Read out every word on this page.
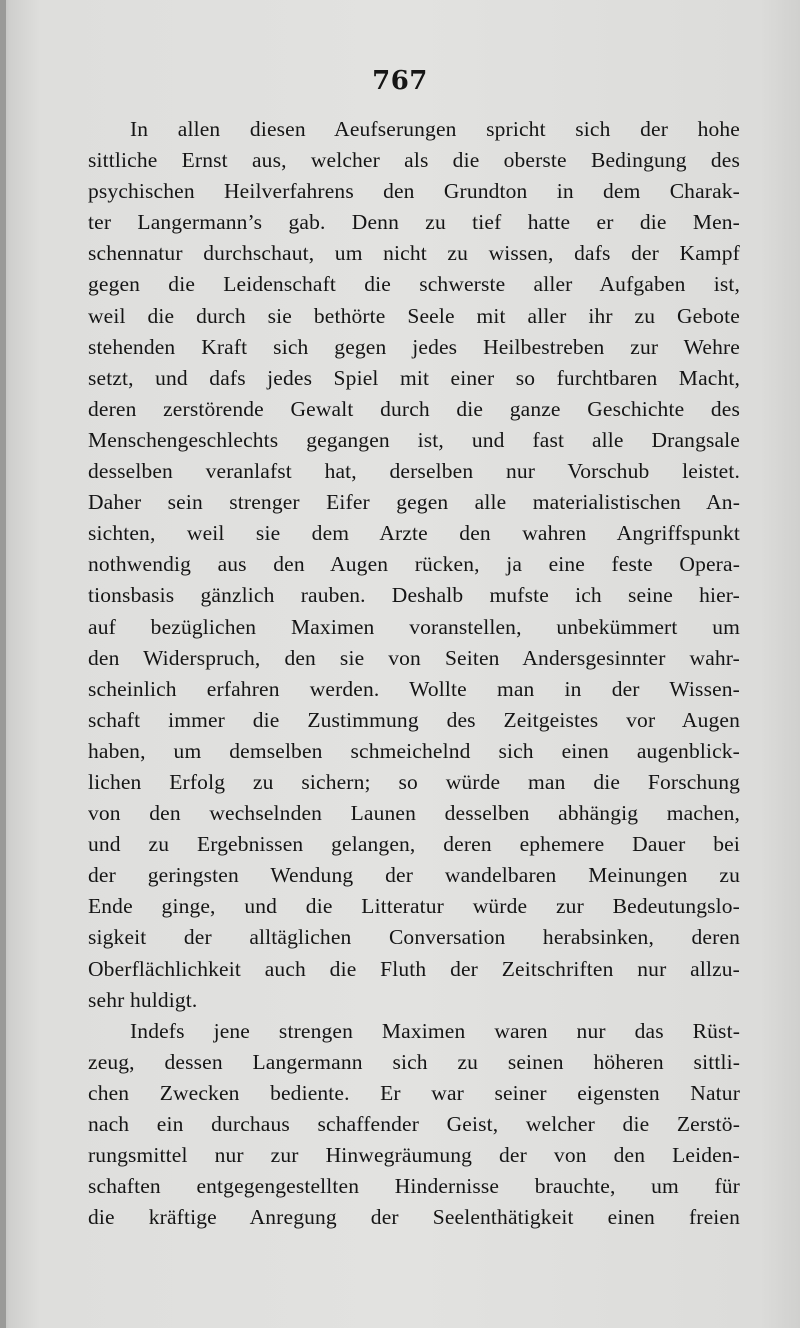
767
In allen diesen Aeufserungen spricht sich der hohe
sittliche Ernst aus, welcher als die oberste Bedingung des
psychischen Heilverfahrens den Grundton in dem Charak-
ter Langermann’s gab. Denn zu tief hatte er die Men-
schennatur durchschaut, um nicht zu wissen, dafs der Kampf
gegen die Leidenschaft die schwerste aller Aufgaben ist,
weil die durch sie bethörte Seele mit aller ihr zu Gebote
stehenden Kraft sich gegen jedes Heilbestreben zur Wehre
setzt, und dafs jedes Spiel mit einer so furchtbaren Macht,
deren zerstörende Gewalt durch die ganze Geschichte des
Menschengeschlechts gegangen ist, und fast alle Drangsale
desselben veranlafst hat, derselben nur Vorschub leistet.
Daher sein strenger Eifer gegen alle materialistischen An-
sichten, weil sie dem Arzte den wahren Angriffspunkt
nothwendig aus den Augen rücken, ja eine feste Opera-
tionsbasis gänzlich rauben. Deshalb mufste ich seine hier-
auf bezüglichen Maximen voranstellen, unbekümmert um
den Widerspruch, den sie von Seiten Andersgesinnter wahr-
scheinlich erfahren werden. Wollte man in der Wissen-
schaft immer die Zustimmung des Zeitgeistes vor Augen
haben, um demselben schmeichelnd sich einen augenblick-
lichen Erfolg zu sichern; so würde man die Forschung
von den wechselnden Launen desselben abhängig machen,
und zu Ergebnissen gelangen, deren ephemere Dauer bei
der geringsten Wendung der wandelbaren Meinungen zu
Ende ginge, und die Litteratur würde zur Bedeutungslo-
sigkeit der alltäglichen Conversation herabsinken, deren
Oberflächlichkeit auch die Fluth der Zeitschriften nur allzu-
sehr huldigt.
Indefs jene strengen Maximen waren nur das Rüst-
zeug, dessen Langermann sich zu seinen höheren sittli-
chen Zwecken bediente. Er war seiner eigensten Natur
nach ein durchaus schaffender Geist, welcher die Zerstö-
rungsmittel nur zur Hinwegräumung der von den Leiden-
schaften entgegengestellten Hindernisse brauchte, um für
die kräftige Anregung der Seelenthätigkeit einen freien
